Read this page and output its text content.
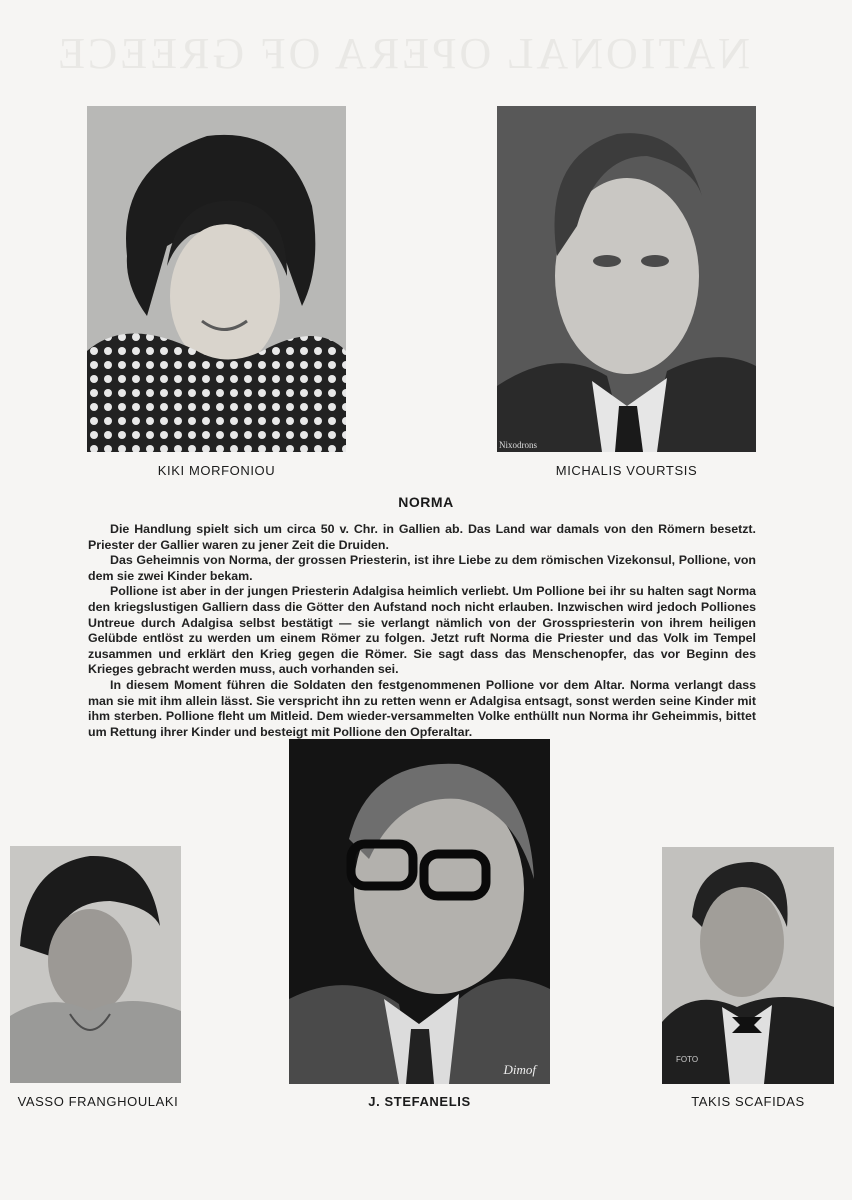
NATIONAL OPERA OF GREECE
KIKI MORFONIOU
Nixodrons
MICHALIS VOURTSIS
NORMA

Die Handlung spielt sich um circa 50 v. Chr. in Gallien ab. Das Land war damals von den Römern besetzt. Priester der Gallier waren zu jener Zeit die Druiden.

Das Geheimnis von Norma, der grossen Priesterin, ist ihre Liebe zu dem römischen Vizekonsul, Pollione, von dem sie zwei Kinder bekam.

Pollione ist aber in der jungen Priesterin Adalgisa heimlich verliebt. Um Pollione bei ihr su halten sagt Norma den kriegslustigen Galliern dass die Götter den Aufstand noch nicht erlauben. Inzwischen wird jedoch Polliones Untreue durch Adalgisa selbst bestätigt — sie verlangt nämlich von der Grosspriesterin von ihrem heiligen Gelübde entlöst zu werden um einem Römer zu folgen. Jetzt ruft Norma die Priester und das Volk im Tempel zusammen und erklärt den Krieg gegen die Römer. Sie sagt dass das Menschenopfer, das vor Beginn des Krieges gebracht werden muss, auch vorhanden sei.

In diesem Moment führen die Soldaten den festgenommenen Pollione vor dem Altar. Norma verlangt dass man sie mit ihm allein lässt. Sie verspricht ihn zu retten wenn er Adalgisa entsagt, sonst werden seine Kinder mit ihm sterben. Pollione fleht um Mitleid. Dem wieder-versammelten Volke enthüllt nun Norma ihr Geheimmis, bittet um Rettung ihrer Kinder und besteigt mit Pollione den Opferaltar.

VASSO FRANGHOULAKI
Dimof
J. STEFANELIS
FOTO
TAKIS SCAFIDAS
